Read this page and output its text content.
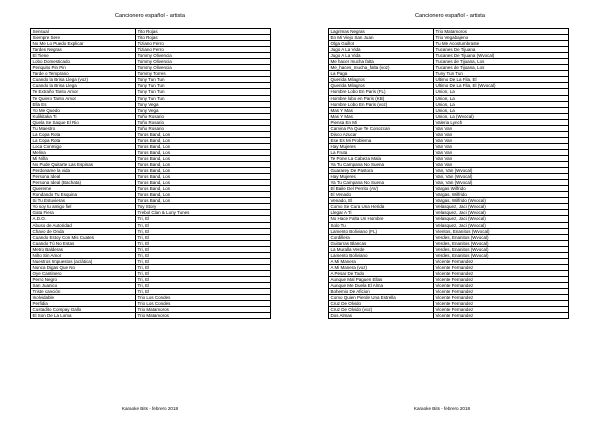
Cancionero español - artista
Sensual	Tito Rojas
Siempre Sere	Tito Rojas
No Me Lo Puedo Explicar	Tiziano Ferro
Tardes Negras	Tiziano Ferro
El Tiene	Tommy Olivencia
Lobo Domesticado	Tommy Olivencia
Periquito Pin Pin	Tommy Olivencia
Tarde o Temprano	Tommy Torres
Cuando la Brisa Llega (voz)	Tony Tun Tun
Cuando la Brisa Llega	Tony Tun Tun
Te Extraño Tanto Amor	Tony Tun Tun
Te Quiero Tanto Amor	Tony Tun Tun
Ella Es	Tony Vega
Yo Me Quedo	Tony Vega
Kulikitaka Ti	Toño Rosario
Quela Se Saque El Rio	Toño Rosario
Tu Maestro	Toño Rosario
La Copa Rota	Toros Band, Los
La Copa Rota	Toros Band, Los
Loca Conmigo	Toros Band, Los
Melina	Toros Band, Los
Mi Niña	Toros Band, Los
No Pude Quitarte Las Espinas	Toros Band, Los
Perdoname la vida	Toros Band, Los
Persona Ideal	Toros Band, Los
Persona Ideal (Bachata)	Toros Band, Los
Quereme	Toros Band, Los
Rondando Tu Esquina	Toros Band, Los
Si Tu Estuvieras	Toros Band, Los
Yo soy tu amigo fiel	Toy Story
Gata Fiera	Trebol Clan & Luny Tunes
A.D.O.	Tri, El
Abuso de Autoridad	Tri, El
Chavo de Onda	Tri, El
Cuando Estoy Con Mis Cuates	Tri, El
Cuando Tú No Estas	Tri, El
Metro Balderas	Tri, El
Niño Sin Amor	Tri, El
Nuestros Impuestos (ac/ática)	Tri, El
Nunca Digas Que No	Tri, El
Oye Cantinero	Tri, El
Perro Negro	Tri, El
San Juanico	Tri, El
Triste canción	Tri, El
Inolvidable	Trio Los Condes
Perfidia	Trio Los Condes
Custadito Compay Gallo	Trio Matamoros
El Son De La Loma	Trio Matamoros
Karaoke Bits - febrero 2018
Cancionero español - artista
Lagrimas Negras	Trio Matamoros
En Mi Viejo San Juan	Trio Vegabajeno
Olga Guillot	Tu Me Acostumbraste
Jugo A La Vida	Tucanes De Tijuana
Jugo A La Vida	Tucanes De Tijuana (Wvocal)
Me hacer mucha falta	Tucanes de Tijuana, Los
Me_haces_mucha_falta (voz)	Tucanes de Tijuana, Los
La Paga	Tuny Tun Tun
Querida Milagros	Ultimo De La Fila, El
Querida Milagros	Ultimo De La Fila, El (Wvocal)
Hombre Lobo En Paris (FL)	Union, La
Hombre lobo en Paris (KB)	Union, La
Hombre Lobo En Paris (voz)	Union, La
Mas Y Mas	Union, La
Mas Y Mas	Union, La (Wvocal)
Piensa En Mi	Valeria Lynch
Camina Pa Que Te Conozcan	Van Van
Disco Azucar	Van Van
Ese Es Mi Problema	Van Van
Hay Mujeres	Van Van
La Fruta	Van Van
Te Pone La Cabeza Mala	Van Van
Ya Tu Campana No Suena	Van Van
Guararey De Pastora	Van, Van (Wvocal)
Hay Mujeres	Van, Van (Wvocal)
Ya Tu Campana No Suena	Van, Van (Wvocal)
El Baile Del Perrito (AV)	Vargas Wilfrido
El Venado	Vargas, Wilfrido
Venado, El	Vargas, Wilfrido (Wvocal)
Como Se Cura Una Herida	Velasquez, Jaci (Wvocal)
Llegar A Ti	Velasquez, Jaci (Wvocal)
No Hace Falta Un Hombre	Velasquez, Jaci (Wvocal)
Solo Tu	Velasquez, Jaci (Wvocal)
Lamento Boliviano (FL)	Vientos, Enanitos (Wvocal)
Cordillera	Verdes, Enanitos (Wvocal)
Guitarras Blancas	Verdes, Enanitos (Wvocal)
La Muralla Verde	Verdes, Enanitos (Wvocal)
Lamento Boliviano	Verdes, Enanitos (Wvocal)
A Mi Manera	Vicente Fernandez
A Mi Manera (voz)	Vicente Fernandez
A Pesar De Todo	Vicente Fernandez
Aunque Mal Paguen Ellas	Vicente Fernandez
Aunque Me Duela El Alma	Vicente Fernandez
Bohemio De Aficion	Vicente Fernandez
Como Quien Pierde Una Estrella	Vicente Fernandez
Cruz De Olvido	Vicente Fernandez
Cruz De Olvido (voz)	Vicente Fernandez
Dos Almas	Vicente Fernandez
Karaoke Bits - febrero 2018
